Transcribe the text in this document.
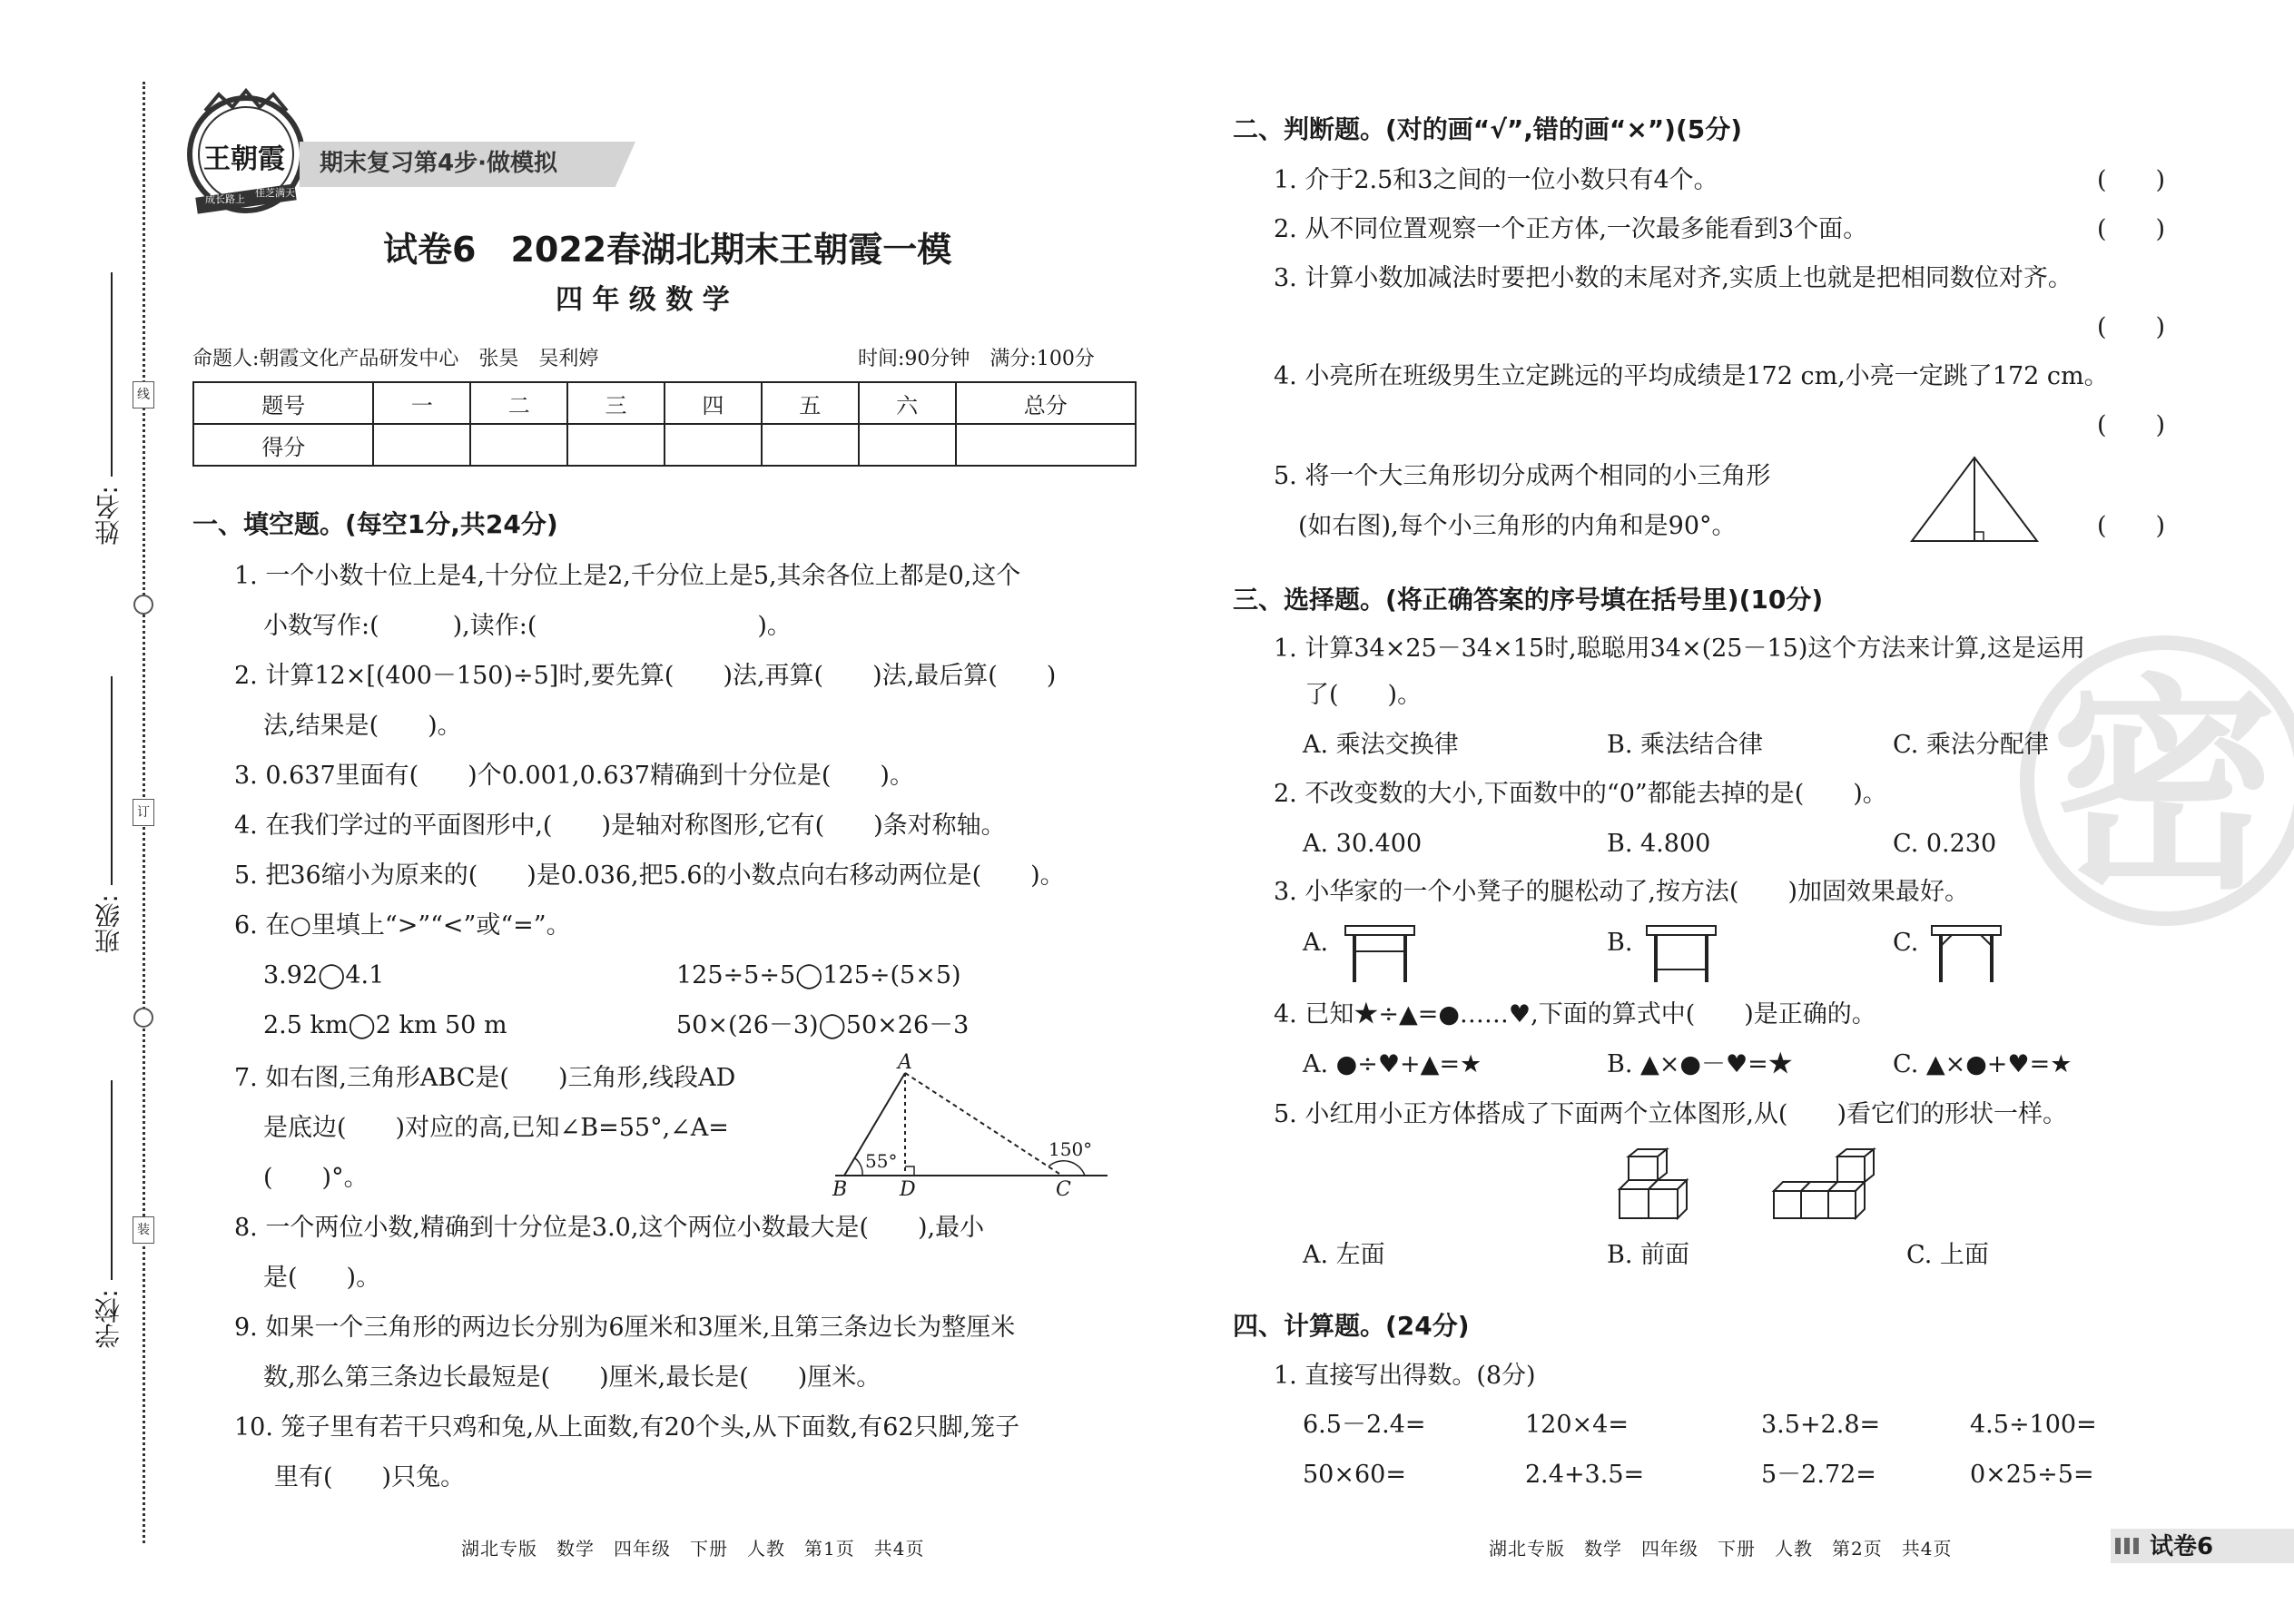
线
订
装
姓名:
班级:
学校:
王朝霞
成长路上
佳芝满天
期末复习第4步·做模拟
试卷6　2022春湖北期末王朝霞一模
四 年 级 数 学
命题人:朝霞文化产品研发中心　张昊　吴利婷	时间:90分钟　满分:100分
题号	一	二	三	四	五	六	总分
得分							
一、填空题。(每空1分,共24分)
1. 一个小数十位上是4,十分位上是2,千分位上是5,其余各位上都是0,这个
小数写作:(　　　),读作:(　　　　　　　　　)。
2. 计算12×[(400－150)÷5]时,要先算(　　)法,再算(　　)法,最后算(　　)
法,结果是(　　)。
3. 0.637里面有(　　)个0.001,0.637精确到十分位是(　　)。
4. 在我们学过的平面图形中,(　　)是轴对称图形,它有(　　)条对称轴。
5. 把36缩小为原来的(　　)是0.036,把5.6的小数点向右移动两位是(　　)。
6. 在○里填上“>”“<”或“=”。
3.92◯4.1	125÷5÷5◯125÷(5×5)
2.5 km◯2 km 50 m	50×(26－3)◯50×26－3
7. 如右图,三角形ABC是(　　)三角形,线段AD
是底边(　　)对应的高,已知∠B=55°,∠A=
(　　)°。
A
B	D	C
55°
150°
8. 一个两位小数,精确到十分位是3.0,这个两位小数最大是(　　),最小
是(　　)。
9. 如果一个三角形的两边长分别为6厘米和3厘米,且第三条边长为整厘米
数,那么第三条边长最短是(　　)厘米,最长是(　　)厘米。
10. 笼子里有若干只鸡和兔,从上面数,有20个头,从下面数,有62只脚,笼子
里有(　　)只兔。
湖北专版　数学　四年级　下册　人教　第1页　共4页
密
二、判断题。(对的画“√”,错的画“×”)(5分)
1. 介于2.5和3之间的一位小数只有4个。	(　　)
2. 从不同位置观察一个正方体,一次最多能看到3个面。	(　　)
3. 计算小数加减法时要把小数的末尾对齐,实质上也就是把相同数位对齐。
(　　)
4. 小亮所在班级男生立定跳远的平均成绩是172 cm,小亮一定跳了172 cm。
(　　)
5. 将一个大三角形切分成两个相同的小三角形
(如右图),每个小三角形的内角和是90°。	(　　)
三、选择题。(将正确答案的序号填在括号里)(10分)
1. 计算34×25－34×15时,聪聪用34×(25－15)这个方法来计算,这是运用
了(　　)。
A. 乘法交换律	B. 乘法结合律	C. 乘法分配律
2. 不改变数的大小,下面数中的“0”都能去掉的是(　　)。
A. 30.400	B. 4.800	C. 0.230
3. 小华家的一个小凳子的腿松动了,按方法(　　)加固效果最好。
A.	B.	C.
4. 已知★÷▲=●……♥,下面的算式中(　　)是正确的。
A. ●÷♥+▲=★	B. ▲×●－♥=★	C. ▲×●+♥=★
5. 小红用小正方体搭成了下面两个立体图形,从(　　)看它们的形状一样。
A. 左面	B. 前面	C. 上面
四、计算题。(24分)
1. 直接写出得数。(8分)
6.5－2.4=	120×4=	3.5+2.8=	4.5÷100=
50×60=	2.4+3.5=	5－2.72=	0×25÷5=
湖北专版　数学　四年级　下册　人教　第2页　共4页	试卷6
